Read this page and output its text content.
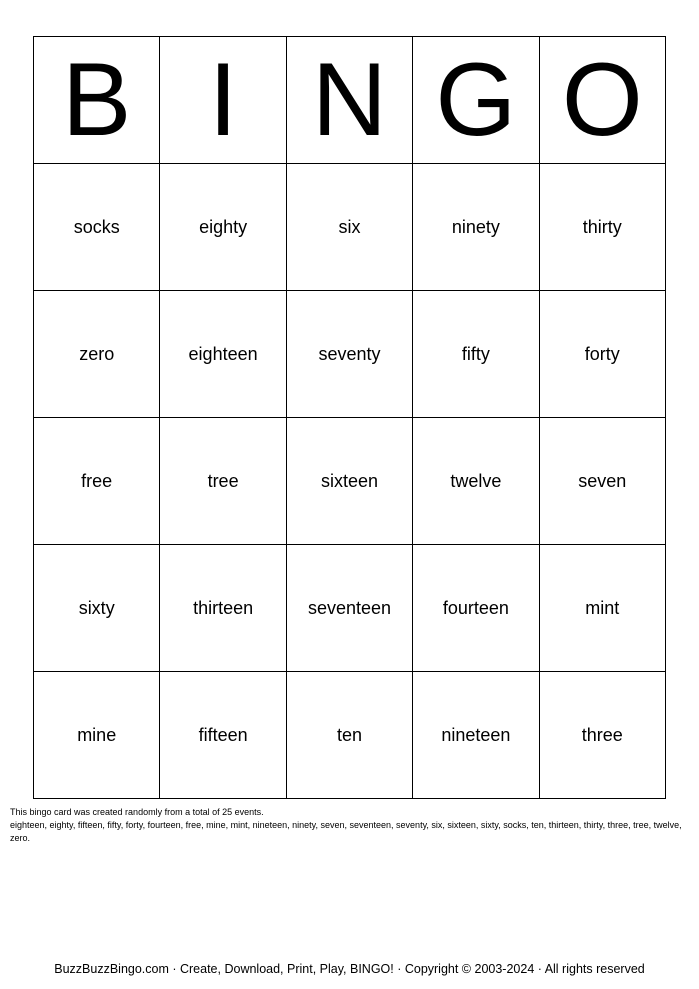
B	I	N	G	O
socks	eighty	six	ninety	thirty
zero	eighteen	seventy	fifty	forty
free	tree	sixteen	twelve	seven
sixty	thirteen	seventeen	fourteen	mint
mine	fifteen	ten	nineteen	three

This bingo card was created randomly from a total of 25 events.

eighteen, eighty, fifteen, fifty, forty, fourteen, free, mine, mint, nineteen, ninety, seven, seventeen, seventy, six, sixteen, sixty, socks, ten, thirteen, thirty, three, tree, twelve, zero.

BuzzBuzzBingo.com · Create, Download, Print, Play, BINGO! · Copyright © 2003-2024 · All rights reserved
